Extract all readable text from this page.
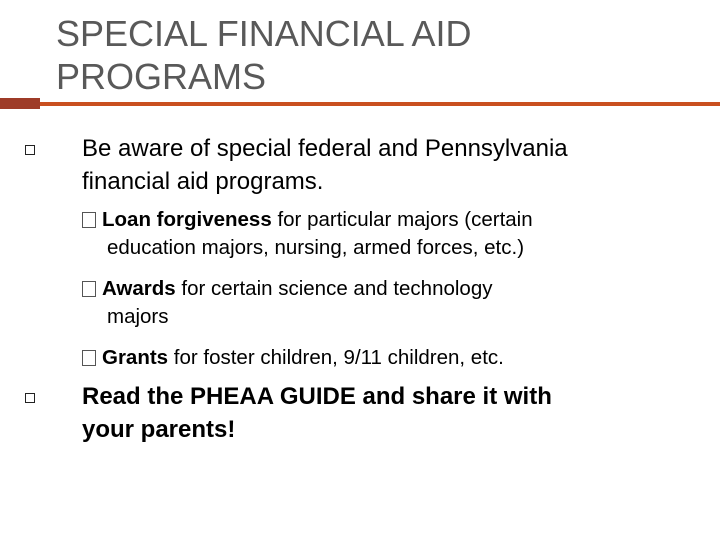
SPECIAL FINANCIAL AID
PROGRAMS
Be aware of special federal and Pennsylvania
financial aid programs.
Loan forgiveness for particular majors (certain
education majors, nursing, armed forces, etc.)
Awards for certain science and technology
majors
Grants for foster children, 9/11 children, etc.
Read the PHEAA GUIDE and share it with
your parents!
